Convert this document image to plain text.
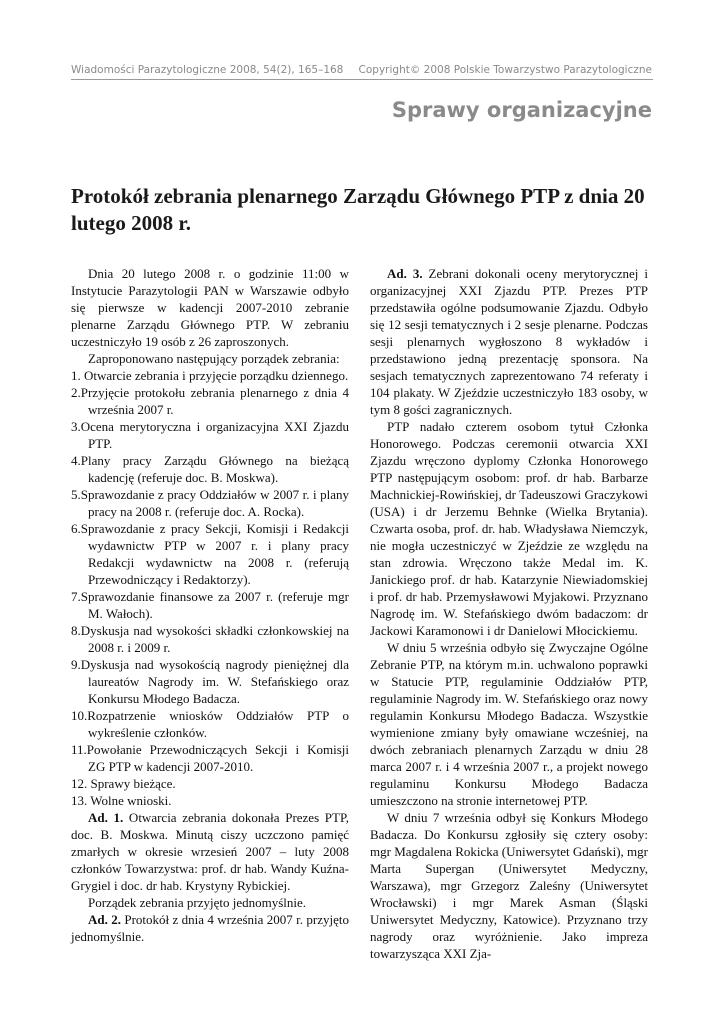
Wiadomości Parazytologiczne 2008, 54(2), 165–168 Copyright© 2008 Polskie Towarzystwo Parazytologiczne
Sprawy organizacyjne
Protokół zebrania plenarnego Zarządu Głównego PTP z dnia 20 lutego 2008 r.

Dnia 20 lutego 2008 r. o godzinie 11:00 w Instytucie Parazytologii PAN w Warszawie odbyło się pierwsze w kadencji 2007-2010 zebranie plenarne Zarządu Głównego PTP. W zebraniu uczestniczyło 19 osób z 26 zaproszonych.

Zaproponowano następujący porządek zebrania:

1. Otwarcie zebrania i przyjęcie porządku dziennego.
2.Przyjęcie protokołu zebrania plenarnego z dnia 4 września 2007 r.
3.Ocena merytoryczna i organizacyjna XXI Zjazdu PTP.
4.Plany pracy Zarządu Głównego na bieżącą kadencję (referuje doc. B. Moskwa).
5.Sprawozdanie z pracy Oddziałów w 2007 r. i plany pracy na 2008 r. (referuje doc. A. Rocka).
6.Sprawozdanie z pracy Sekcji, Komisji i Redakcji wydawnictw PTP w 2007 r. i plany pracy Redakcji wydawnictw na 2008 r. (referują Przewodniczący i Redaktorzy).
7.Sprawozdanie finansowe za 2007 r. (referuje mgr M. Wałoch).
8.Dyskusja nad wysokości składki członkowskiej na 2008 r. i 2009 r.
9.Dyskusja nad wysokością nagrody pieniężnej dla laureatów Nagrody im. W. Stefańskiego oraz Konkursu Młodego Badacza.
10.Rozpatrzenie wniosków Oddziałów PTP o wykreślenie członków.
11.Powołanie Przewodniczących Sekcji i Komisji ZG PTP w kadencji 2007-2010.
12. Sprawy bieżące.
13. Wolne wnioski.

Ad. 1. Otwarcia zebrania dokonała Prezes PTP, doc. B. Moskwa. Minutą ciszy uczczono pamięć zmarłych w okresie wrzesień 2007 – luty 2008 członków Towarzystwa: prof. dr hab. Wandy Kuźna-Grygiel i doc. dr hab. Krystyny Rybickiej.

Porządek zebrania przyjęto jednomyślnie.

Ad. 2. Protokół z dnia 4 września 2007 r. przyjęto jednomyślnie.

Ad. 3. Zebrani dokonali oceny merytorycznej i organizacyjnej XXI Zjazdu PTP. Prezes PTP przedstawiła ogólne podsumowanie Zjazdu. Odbyło się 12 sesji tematycznych i 2 sesje plenarne. Podczas sesji plenarnych wygłoszono 8 wykładów i przedstawiono jedną prezentację sponsora. Na sesjach tematycznych zaprezentowano 74 referaty i 104 plakaty. W Zjeździe uczestniczyło 183 osoby, w tym 8 gości zagranicznych.

PTP nadało czterem osobom tytuł Członka Honorowego. Podczas ceremonii otwarcia XXI Zjazdu wręczono dyplomy Członka Honorowego PTP następującym osobom: prof. dr hab. Barbarze Machnickiej-Rowińskiej, dr Tadeuszowi Graczykowi (USA) i dr Jerzemu Behnke (Wielka Brytania). Czwarta osoba, prof. dr. hab. Władysława Niemczyk, nie mogła uczestniczyć w Zjeździe ze względu na stan zdrowia. Wręczono także Medal im. K. Janickiego prof. dr hab. Katarzynie Niewiadomskiej i prof. dr hab. Przemysławowi Myjakowi. Przyznano Nagrodę im. W. Stefańskiego dwóm badaczom: dr Jackowi Karamonowi i dr Danielowi Młocickiemu.

W dniu 5 września odbyło się Zwyczajne Ogólne Zebranie PTP, na którym m.in. uchwalono poprawki w Statucie PTP, regulaminie Oddziałów PTP, regulaminie Nagrody im. W. Stefańskiego oraz nowy regulamin Konkursu Młodego Badacza. Wszystkie wymienione zmiany były omawiane wcześniej, na dwóch zebraniach plenarnych Zarządu w dniu 28 marca 2007 r. i 4 września 2007 r., a projekt nowego regulaminu Konkursu Młodego Badacza umieszczono na stronie internetowej PTP.

W dniu 7 września odbył się Konkurs Młodego Badacza. Do Konkursu zgłosiły się cztery osoby: mgr Magdalena Rokicka (Uniwersytet Gdański), mgr Marta Supergan (Uniwersytet Medyczny, Warszawa), mgr Grzegorz Zaleśny (Uniwersytet Wrocławski) i mgr Marek Asman (Śląski Uniwersytet Medyczny, Katowice). Przyznano trzy nagrody oraz wyróżnienie. Jako impreza towarzysząca XXI Zja-
